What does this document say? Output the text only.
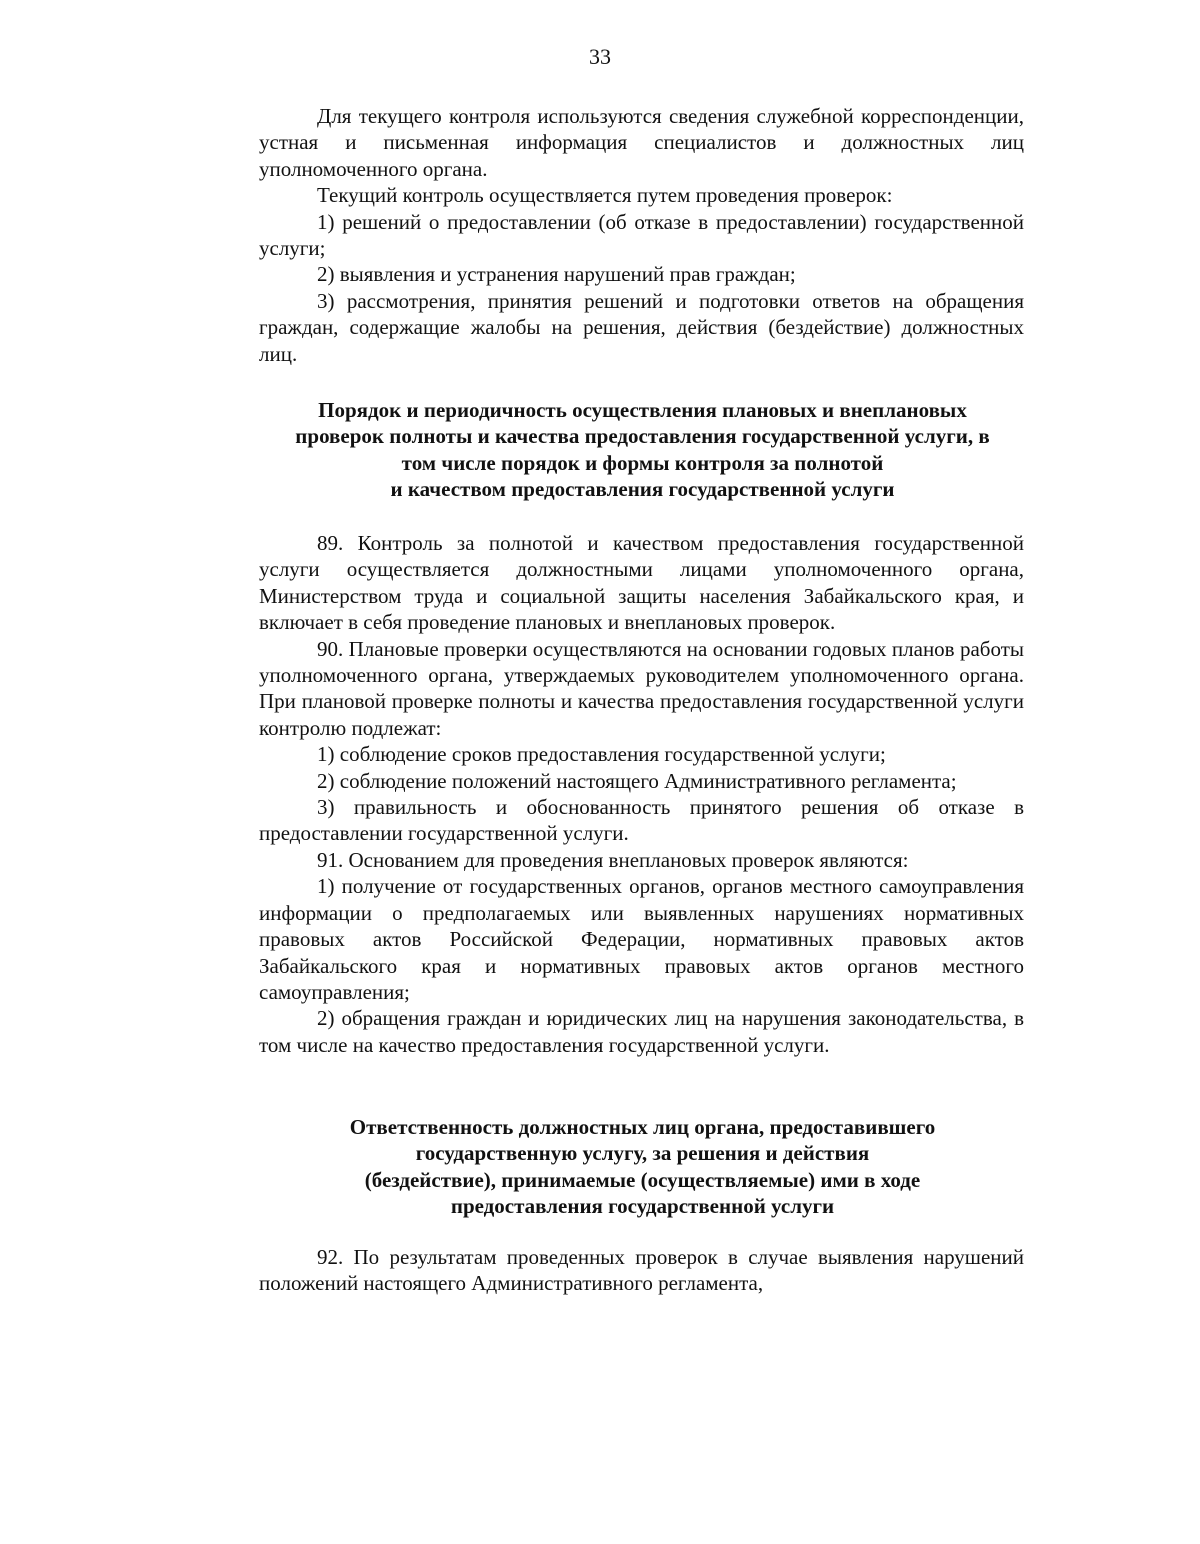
33

Для текущего контроля используются сведения служебной корреспонденции, устная и письменная информация специалистов и должностных лиц уполномоченного органа.

Текущий контроль осуществляется путем проведения проверок:

1) решений о предоставлении (об отказе в предоставлении) государственной услуги;

2) выявления и устранения нарушений прав граждан;

3) рассмотрения, принятия решений и подготовки ответов на обращения граждан, содержащие жалобы на решения, действия (бездействие) должностных лиц.

Порядок и периодичность осуществления плановых и внеплановых
проверок полноты и качества предоставления государственной услуги, в
том числе порядок и формы контроля за полнотой
и качеством предоставления государственной услуги

89. Контроль за полнотой и качеством предоставления государственной услуги осуществляется должностными лицами уполномоченного органа, Министерством труда и социальной защиты населения Забайкальского края, и включает в себя проведение плановых и внеплановых проверок.

90. Плановые проверки осуществляются на основании годовых планов работы уполномоченного органа, утверждаемых руководителем уполномоченного органа. При плановой проверке полноты и качества предоставления государственной услуги контролю подлежат:

1) соблюдение сроков предоставления государственной услуги;

2) соблюдение положений настоящего Административного регламента;

3) правильность и обоснованность принятого решения об отказе в предоставлении государственной услуги.

91. Основанием для проведения внеплановых проверок являются:

1) получение от государственных органов, органов местного самоуправления информации о предполагаемых или выявленных нарушениях нормативных правовых актов Российской Федерации, нормативных правовых актов Забайкальского края и нормативных правовых актов органов местного самоуправления;

2) обращения граждан и юридических лиц на нарушения законодательства, в том числе на качество предоставления государственной услуги.

Ответственность должностных лиц органа, предоставившего
государственную услугу, за решения и действия
(бездействие), принимаемые (осуществляемые) ими в ходе
предоставления государственной услуги

92. По результатам проведенных проверок в случае выявления нарушений положений настоящего Административного регламента,
